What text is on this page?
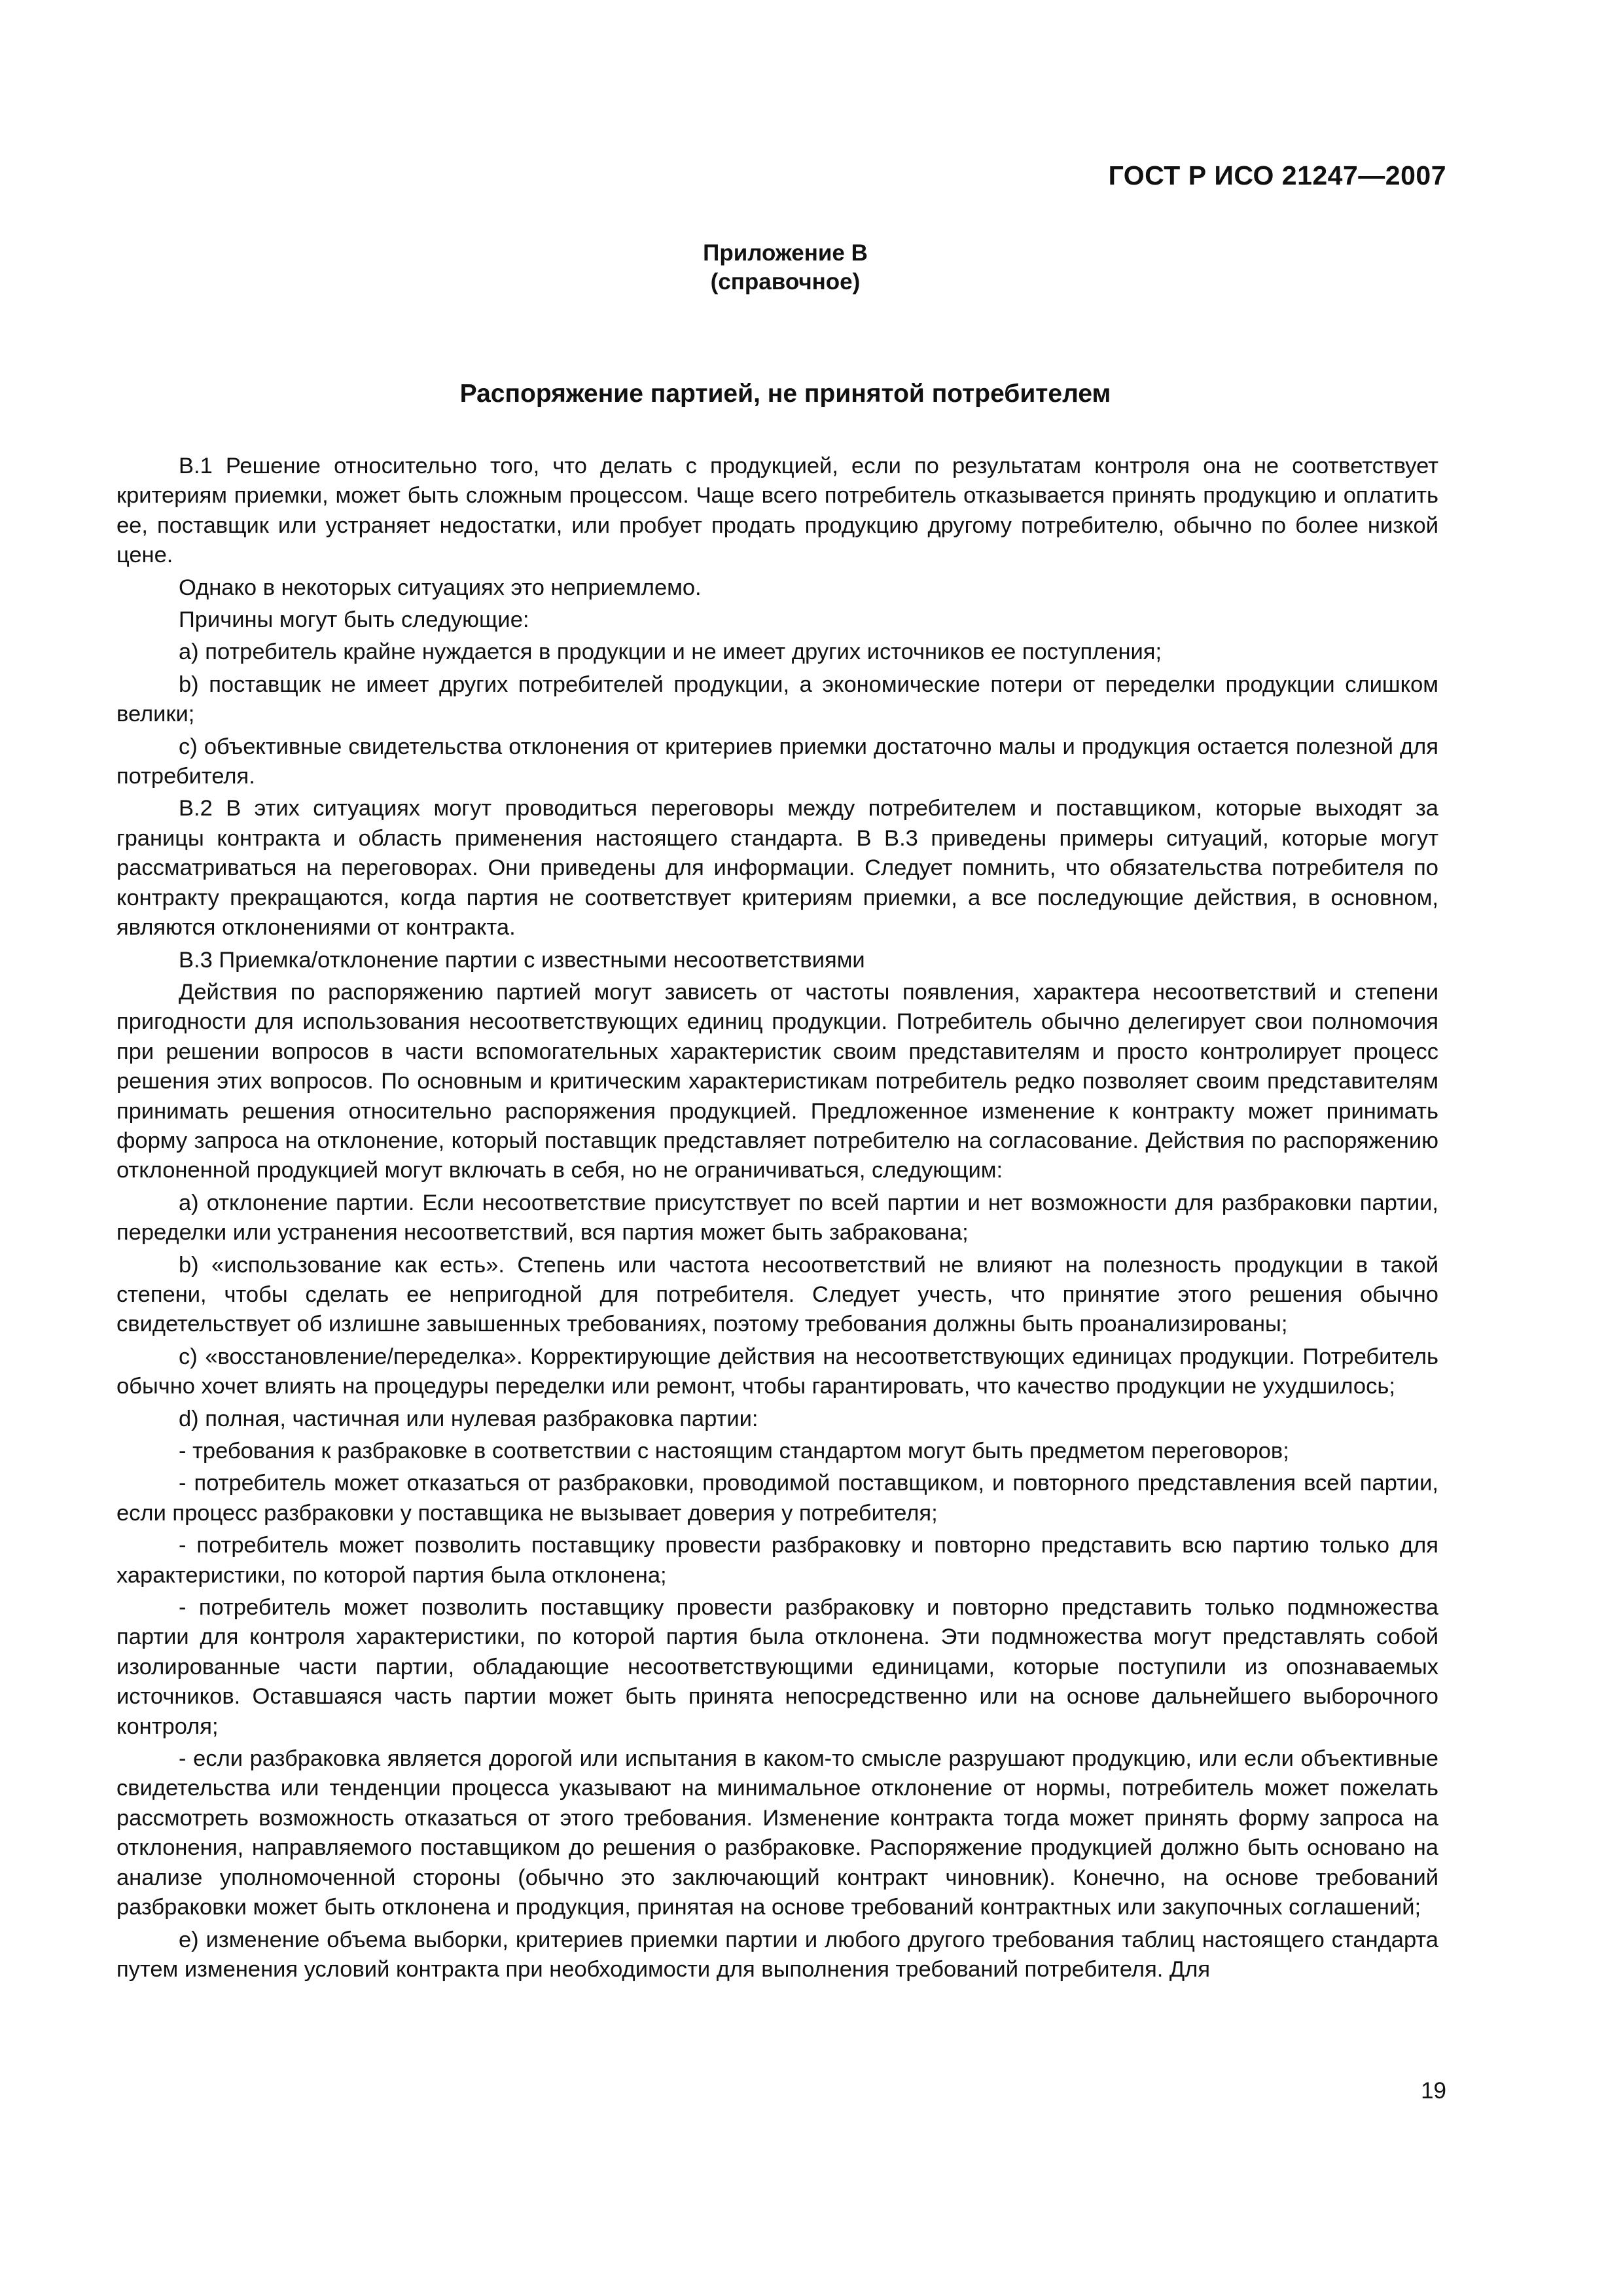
ГОСТ Р ИСО 21247—2007
Приложение В
(справочное)
Распоряжение партией, не принятой потребителем

В.1 Решение относительно того, что делать с продукцией, если по результатам контроля она не соответствует критериям приемки, может быть сложным процессом. Чаще всего потребитель отказывается принять продукцию и оплатить ее, поставщик или устраняет недостатки, или пробует продать продукцию другому потребителю, обычно по более низкой цене.

Однако в некоторых ситуациях это неприемлемо.

Причины могут быть следующие:

a) потребитель крайне нуждается в продукции и не имеет других источников ее поступления;

b) поставщик не имеет других потребителей продукции, а экономические потери от переделки продукции слишком велики;

c) объективные свидетельства отклонения от критериев приемки достаточно малы и продукция остается полезной для потребителя.

В.2 В этих ситуациях могут проводиться переговоры между потребителем и поставщиком, которые выходят за границы контракта и область применения настоящего стандарта. В В.3 приведены примеры ситуаций, которые могут рассматриваться на переговорах. Они приведены для информации. Следует помнить, что обязательства потребителя по контракту прекращаются, когда партия не соответствует критериям приемки, а все последующие действия, в основном, являются отклонениями от контракта.

В.3 Приемка/отклонение партии с известными несоответствиями

Действия по распоряжению партией могут зависеть от частоты появления, характера несоответствий и степени пригодности для использования несоответствующих единиц продукции. Потребитель обычно делегирует свои полномочия при решении вопросов в части вспомогательных характеристик своим представителям и просто контролирует процесс решения этих вопросов. По основным и критическим характеристикам потребитель редко позволяет своим представителям принимать решения относительно распоряжения продукцией. Предложенное изменение к контракту может принимать форму запроса на отклонение, который поставщик представляет потребителю на согласование. Действия по распоряжению отклоненной продукцией могут включать в себя, но не ограничиваться, следующим:

a) отклонение партии. Если несоответствие присутствует по всей партии и нет возможности для разбраковки партии, переделки или устранения несоответствий, вся партия может быть забракована;

b) «использование как есть». Степень или частота несоответствий не влияют на полезность продукции в такой степени, чтобы сделать ее непригодной для потребителя. Следует учесть, что принятие этого решения обычно свидетельствует об излишне завышенных требованиях, поэтому требования должны быть проанализированы;

c) «восстановление/переделка». Корректирующие действия на несоответствующих единицах продукции. Потребитель обычно хочет влиять на процедуры переделки или ремонт, чтобы гарантировать, что качество продукции не ухудшилось;

d) полная, частичная или нулевая разбраковка партии:

- требования к разбраковке в соответствии с настоящим стандартом могут быть предметом переговоров;

- потребитель может отказаться от разбраковки, проводимой поставщиком, и повторного представления всей партии, если процесс разбраковки у поставщика не вызывает доверия у потребителя;

- потребитель может позволить поставщику провести разбраковку и повторно представить всю партию только для характеристики, по которой партия была отклонена;

- потребитель может позволить поставщику провести разбраковку и повторно представить только подмножества партии для контроля характеристики, по которой партия была отклонена. Эти подмножества могут представлять собой изолированные части партии, обладающие несоответствующими единицами, которые поступили из опознаваемых источников. Оставшаяся часть партии может быть принята непосредственно или на основе дальнейшего выборочного контроля;

- если разбраковка является дорогой или испытания в каком-то смысле разрушают продукцию, или если объективные свидетельства или тенденции процесса указывают на минимальное отклонение от нормы, потребитель может пожелать рассмотреть возможность отказаться от этого требования. Изменение контракта тогда может принять форму запроса на отклонения, направляемого поставщиком до решения о разбраковке. Распоряжение продукцией должно быть основано на анализе уполномоченной стороны (обычно это заключающий контракт чиновник). Конечно, на основе требований разбраковки может быть отклонена и продукция, принятая на основе требований контрактных или закупочных соглашений;

e) изменение объема выборки, критериев приемки партии и любого другого требования таблиц настоящего стандарта путем изменения условий контракта при необходимости для выполнения требований потребителя. Для

19
